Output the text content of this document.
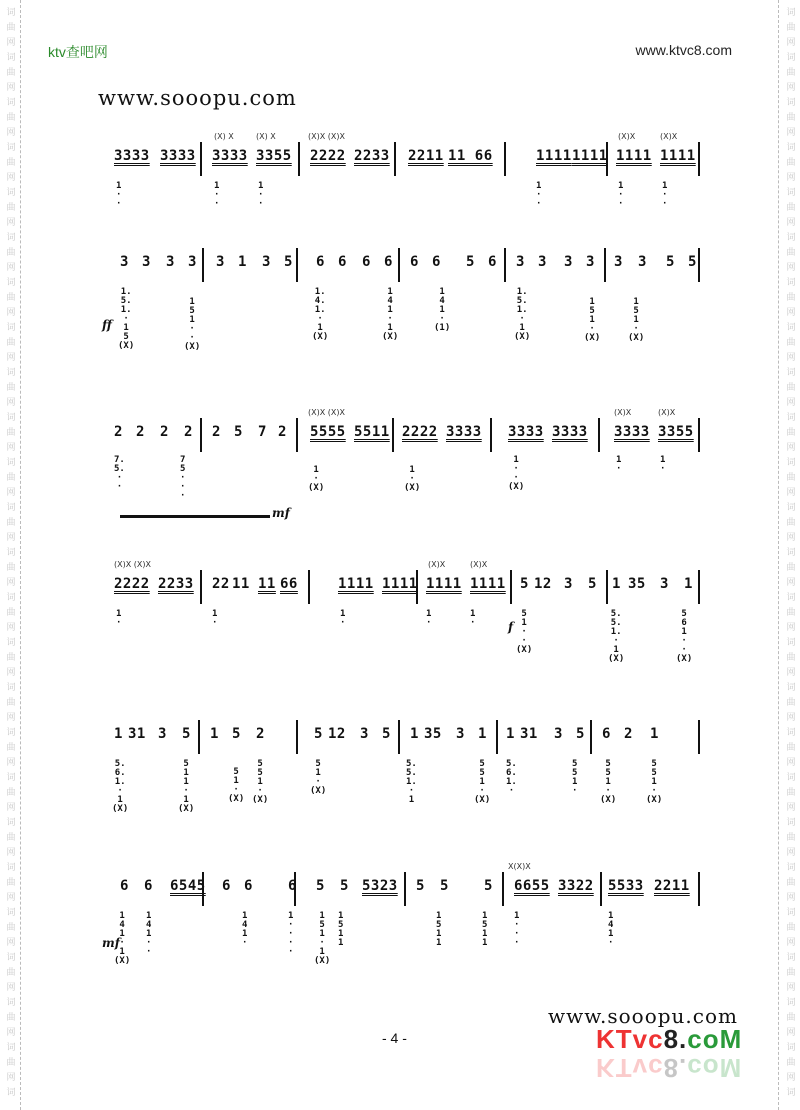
词
曲
网
词
曲
网
词
曲
网
词
曲
网
词
曲
网
词
曲
网
词
曲
网
词
曲
网
词
曲
网
词
曲
网
词
曲
网
词
曲
网
词
曲
网
词
曲
网
词
曲
网
词
曲
网
词
曲
网
词
曲
网
词
曲
网
词
曲
网
词
曲
网
词
曲
网
词
曲
网
词
曲
网
词
词
曲
网
词
曲
网
词
曲
网
词
曲
网
词
曲
网
词
曲
网
词
曲
网
词
曲
网
词
曲
网
词
曲
网
词
曲
网
词
曲
网
词
曲
网
词
曲
网
词
曲
网
词
曲
网
词
曲
网
词
曲
网
词
曲
网
词
曲
网
词
曲
网
词
曲
网
词
曲
网
词
曲
网
词
ktv查吧网	www.ktvc8.com
www.sooopu.com
(X) X	(X) X	(X)X (X)X	(X)X	(X)X
3333 3333 3333 3355 2222 2233 2211 11 66	1111 1111 1111 1111
1
·
·
1
·
·
1
·
·
1
·
·
1
·
·
1
·
·
3 3 3 3 3 1 3 5 6 6 6 6 6 6 5 6 3 3 3 3 3 3 5 5
ff
1.
5.
1.
·
1
5
(X)
1
5
1
·
·
(X)
1.
4.
1.
·
1
(X)
1
4
1
·
1
(X)
1
4
1
·
(1)
1.
5.
1.
·
1
(X)
1
5
1
·
(X)
1
5
1
·
(X)
(X)X (X)X	(X)X	(X)X
2 2 2 2 2 5 7 2 5555 5511 2222 3333 3333 3333 3333 3355
7.
5.
·
·
7
5
·
·
·
1
·
(X)
1
·
(X)
1
·
·
(X)
1
·
1
·
mf
(X)X (X)X	(X)X	(X)X
2222 2233 22 11 11 66	1111 1111 1111 1111 5 12 3 5 1 35 3 1
1
·
1
·
1
·
1
·
1
·	f
5
1
·
·
(X)
5.
5.
1.
·
1
(X)
5
6
1
·
·
(X)
1 31 3 5 1 5 2	5 12 3 5 1 35 3 1 1 31 3 5 6 2 1
5.
6.
1.
·
1
(X)
5
1
1
·
1
(X)
5
1
·
(X)
5
5
1
·
(X)
5
1
·
(X)
5.
5.
1.
·
1
5
5
1
·
(X)
5.
6.
1.
·
5
5
1
·
5
5
1
·
(X)
5
5
1
·
(X)
X(X)X
6 6 6545 6 6	6 5 5 5323 5 5	5 6655 3322 5533 2211
mf
1
4
1
·
1
(X)
1
4
1
·
·
1
4
1
·
1
·
·
·
·
1
5
1
·
1
(X)
1
5
1
1
1
5
1
1
1
5
1
1
1
·
·
·
1
4
1
·
www.sooopu.com
- 4 -	KTvc8.coM
KTvc8.coM
